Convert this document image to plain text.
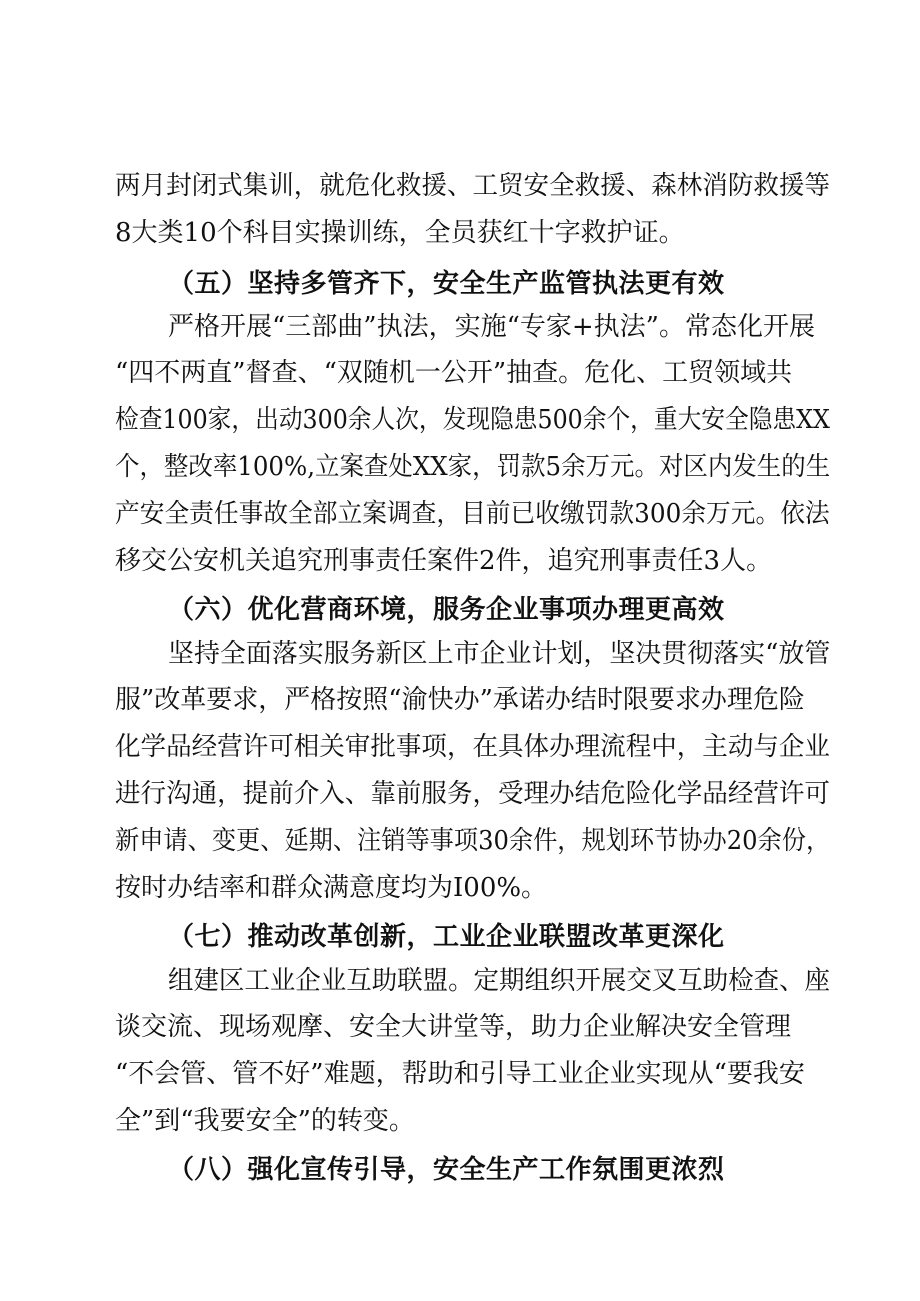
两月封闭式集训，就危化救援、工贸安全救援、森林消防救援等
8大类10个科目实操训练，全员获红十字救护证。
（五）坚持多管齐下，安全生产监管执法更有效
严格开展“三部曲”执法，实施“专家+执法”。常态化开展
“四不两直”督查、“双随机一公开”抽查。危化、工贸领域共
检查100家，出动300余人次，发现隐患500余个，重大安全隐患XX
个，整改率100%,立案查处XX家，罚款5余万元。对区内发生的生
产安全责任事故全部立案调查，目前已收缴罚款300余万元。依法
移交公安机关追究刑事责任案件2件，追究刑事责任3人。
（六）优化营商环境，服务企业事项办理更高效
坚持全面落实服务新区上市企业计划，坚决贯彻落实“放管
服”改革要求，严格按照“渝快办”承诺办结时限要求办理危险
化学品经营许可相关审批事项，在具体办理流程中，主动与企业
进行沟通，提前介入、靠前服务，受理办结危险化学品经营许可
新申请、变更、延期、注销等事项30余件，规划环节协办20余份，
按时办结率和群众满意度均为I00%。
（七）推动改革创新，工业企业联盟改革更深化
组建区工业企业互助联盟。定期组织开展交叉互助检查、座
谈交流、现场观摩、安全大讲堂等，助力企业解决安全管理
“不会管、管不好”难题，帮助和引导工业企业实现从“要我安
全”到“我要安全”的转变。
（八）强化宣传引导，安全生产工作氛围更浓烈
